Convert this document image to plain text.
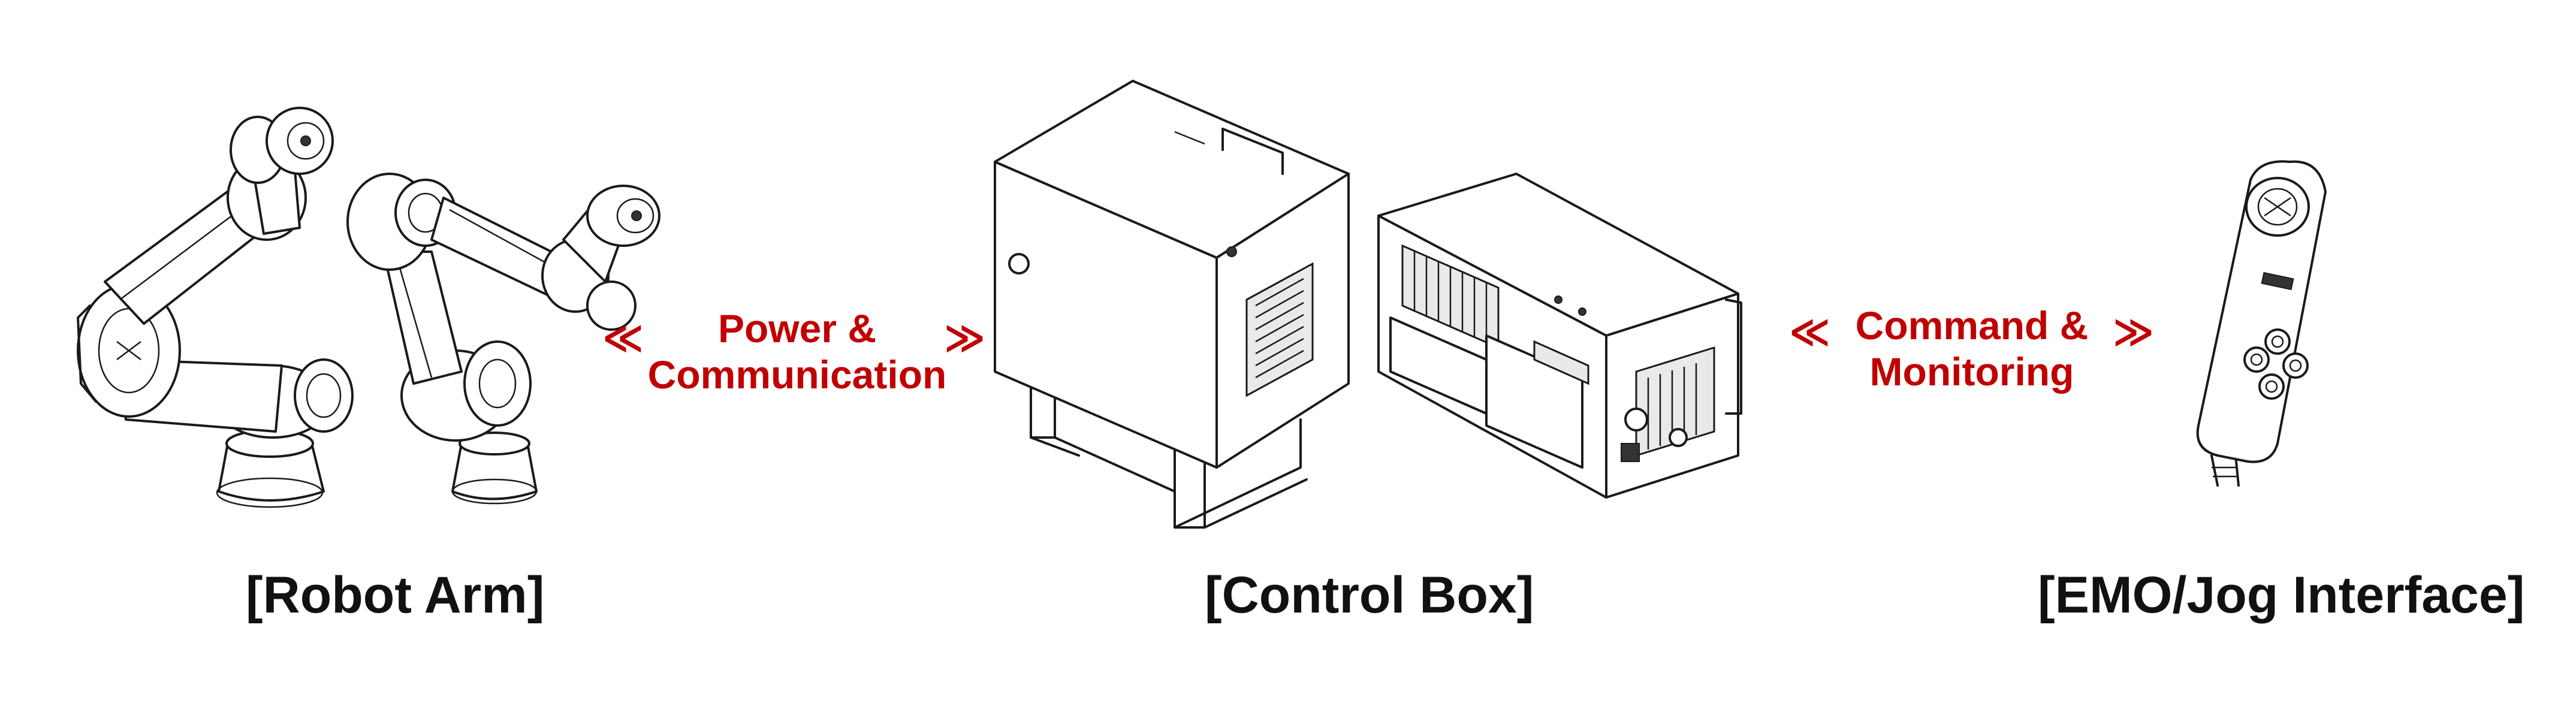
≪	Power &
Communication
≫	≪ Command &
Monitoring
≫
[Robot Arm]	[Control Box]	[EMO/Jog Interface]
